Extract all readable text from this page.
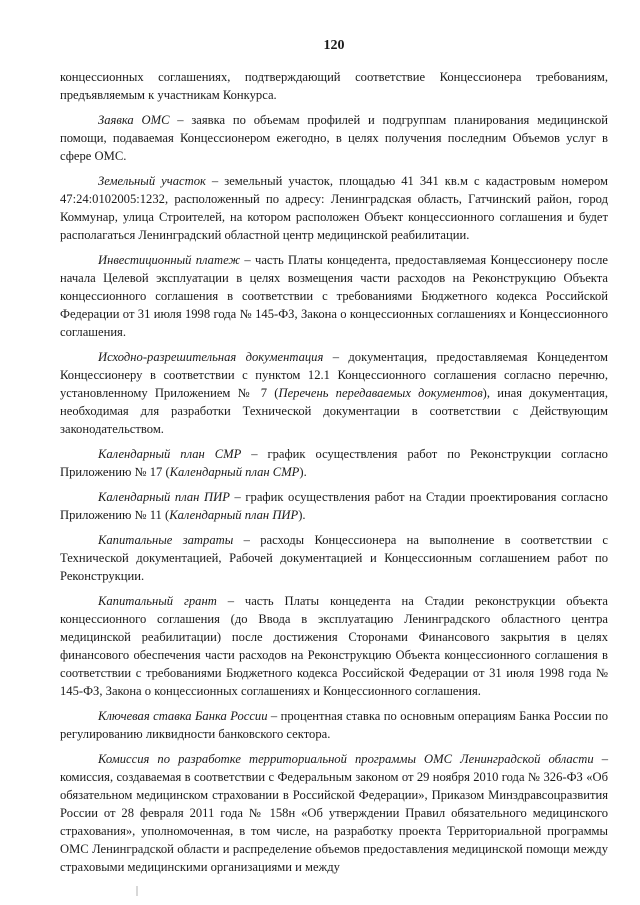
120

концессионных соглашениях, подтверждающий соответствие Концессионера требованиям, предъявляемым к участникам Конкурса.

Заявка ОМС – заявка по объемам профилей и подгруппам планирования медицинской помощи, подаваемая Концессионером ежегодно, в целях получения последним Объемов услуг в сфере ОМС.

Земельный участок – земельный участок, площадью 41 341 кв.м с кадастровым номером 47:24:0102005:1232, расположенный по адресу: Ленинградская область, Гатчинский район, город Коммунар, улица Строителей, на котором расположен Объект концессионного соглашения и будет располагаться Ленинградский областной центр медицинской реабилитации.

Инвестиционный платеж – часть Платы концедента, предоставляемая Концессионеру после начала Целевой эксплуатации в целях возмещения части расходов на Реконструкцию Объекта концессионного соглашения в соответствии с требованиями Бюджетного кодекса Российской Федерации от 31 июля 1998 года № 145-ФЗ, Закона о концессионных соглашениях и Концессионного соглашения.

Исходно-разрешительная документация – документация, предоставляемая Концедентом Концессионеру в соответствии с пунктом 12.1 Концессионного соглашения согласно перечню, установленному Приложением № 7 (Перечень передаваемых документов), иная документация, необходимая для разработки Технической документации в соответствии с Действующим законодательством.

Календарный план СМР – график осуществления работ по Реконструкции согласно Приложению № 17 (Календарный план СМР).

Календарный план ПИР – график осуществления работ на Стадии проектирования согласно Приложению № 11 (Календарный план ПИР).

Капитальные затраты – расходы Концессионера на выполнение в соответствии с Технической документацией, Рабочей документацией и Концессионным соглашением работ по Реконструкции.

Капитальный грант – часть Платы концедента на Стадии реконструкции объекта концессионного соглашения (до Ввода в эксплуатацию Ленинградского областного центра медицинской реабилитации) после достижения Сторонами Финансового закрытия в целях финансового обеспечения части расходов на Реконструкцию Объекта концессионного соглашения в соответствии с требованиями Бюджетного кодекса Российской Федерации от 31 июля 1998 года № 145-ФЗ, Закона о концессионных соглашениях и Концессионного соглашения.

Ключевая ставка Банка России – процентная ставка по основным операциям Банка России по регулированию ликвидности банковского сектора.

Комиссия по разработке территориальной программы ОМС Ленинградской области – комиссия, создаваемая в соответствии с Федеральным законом от 29 ноября 2010 года № 326-ФЗ «Об обязательном медицинском страховании в Российской Федерации», Приказом Минздравсоцразвития России от 28 февраля 2011 года № 158н «Об утверждении Правил обязательного медицинского страхования», уполномоченная, в том числе, на разработку проекта Территориальной программы ОМС Ленинградской области и распределение объемов предоставления медицинской помощи между страховыми медицинскими организациями и между
